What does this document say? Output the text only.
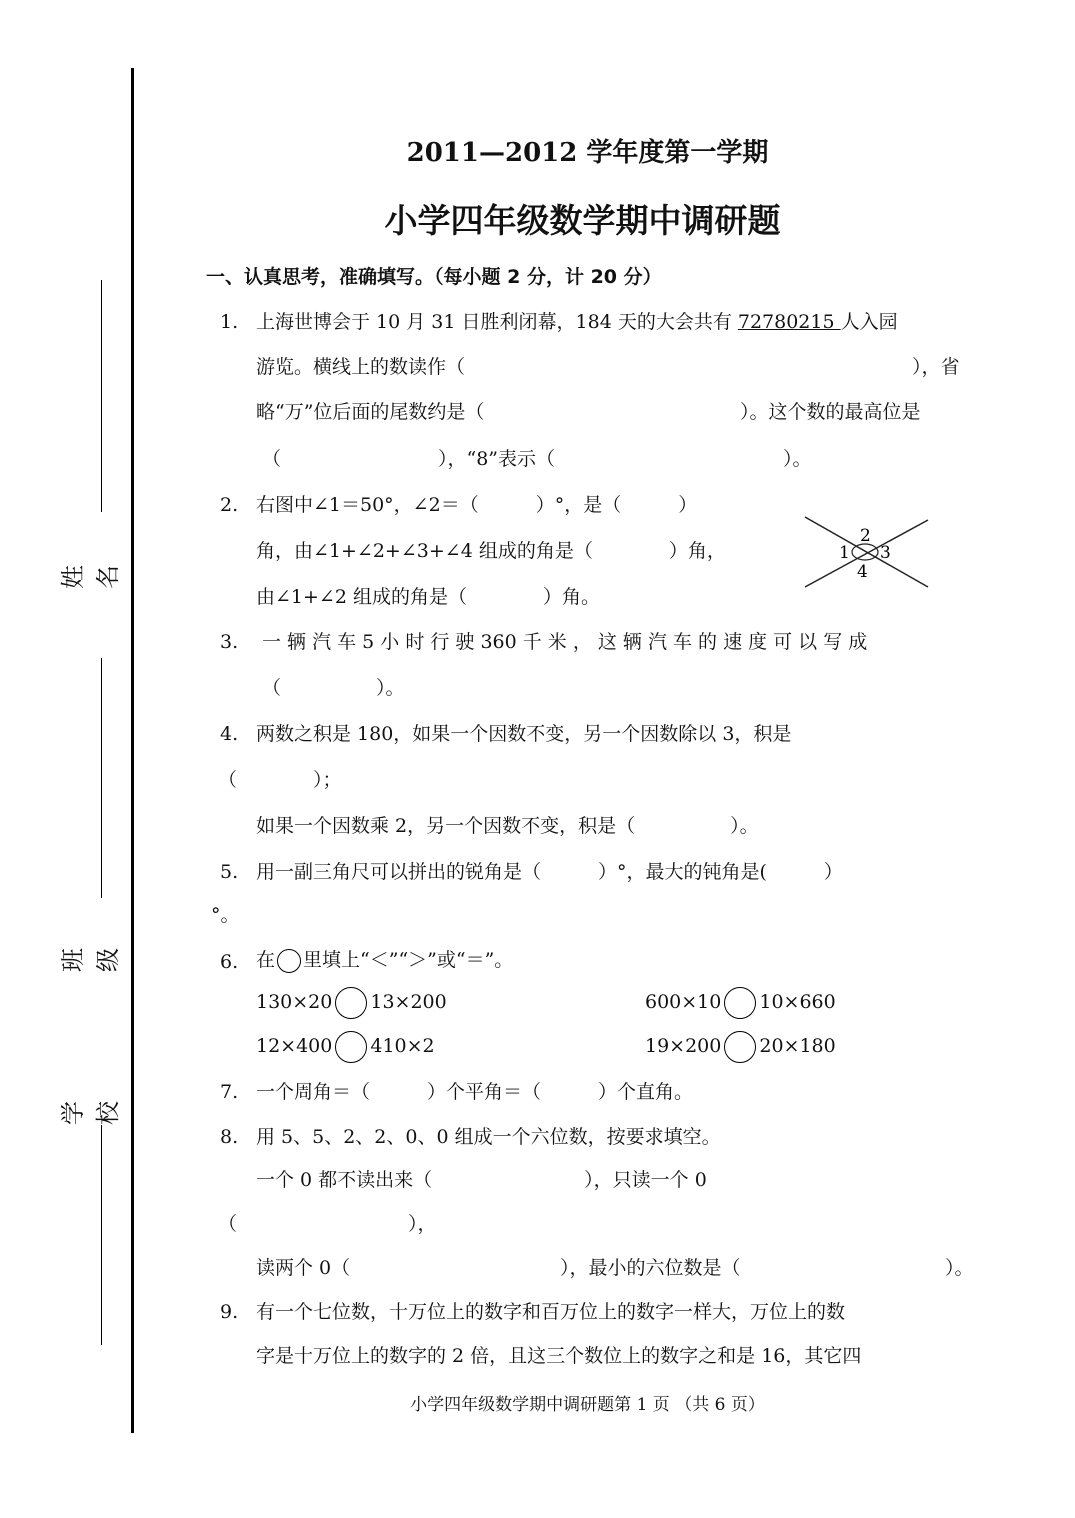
姓名
班级
学校
2011—2012 学年度第一学期
小学四年级数学期中调研题
一、认真思考，准确填写。（每小题 2 分，计 20 分）
1. 上海世博会于 10 月 31 日胜利闭幕，184 天的大会共有 72780215 人入园
游览。横线上的数读作（	），省
略“万”位后面的尾数约是（	）。这个数的最高位是
（	），“8”表示（	）。
2. 右图中∠1＝50°，∠2＝（　　　）°，是（　　　）
角，由∠1+∠2+∠3+∠4 组成的角是（　　　　）角，
由∠1+∠2 组成的角是（　　　　）角。
2
1 3
4
3. 一 辆 汽 车 5 小 时 行 驶 360 千 米 ， 这 辆 汽 车 的 速 度 可 以 写 成
（　　　　　）。
4. 两数之积是 180，如果一个因数不变，另一个因数除以 3，积是
（　　　　）；
如果一个因数乘 2，另一个因数不变，积是（　　　　　）。
5. 用一副三角尺可以拼出的锐角是（　　　）°，最大的钝角是(　　　）
°。
6. 在 里填上“＜”“＞”或“＝”。
130×20 13×200	600×10 10×660
12×400 410×2	19×200 20×180
7. 一个周角＝（　　　）个平角＝（　　　）个直角。
8. 用 5、5、2、2、0、0 组成一个六位数，按要求填空。
一个 0 都不读出来（　　　　　　　　），只读一个 0
（　　　　　　　　　），
读两个 0（	），最小的六位数是（	）。
9. 有一个七位数，十万位上的数字和百万位上的数字一样大，万位上的数
字是十万位上的数字的 2 倍，且这三个数位上的数字之和是 16，其它四
小学四年级数学期中调研题第 1 页 （共 6 页）
